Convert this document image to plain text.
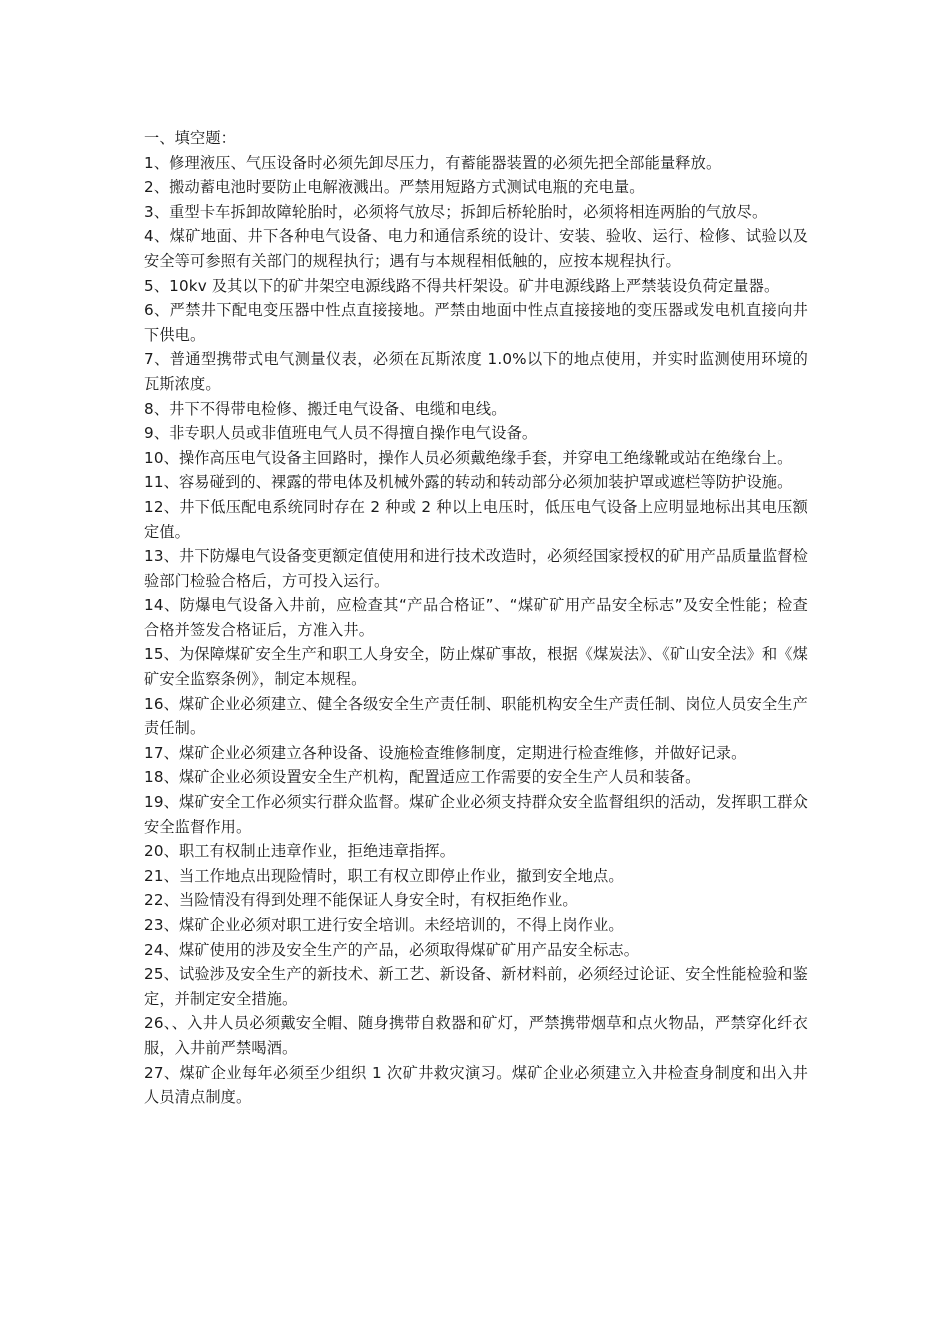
一、填空题：

1、修理液压、气压设备时必须先卸尽压力，有蓄能器装置的必须先把全部能量释放。

2、搬动蓄电池时要防止电解液溅出。严禁用短路方式测试电瓶的充电量。

3、重型卡车拆卸故障轮胎时，必须将气放尽；拆卸后桥轮胎时，必须将相连两胎的气放尽。

4、煤矿地面、井下各种电气设备、电力和通信系统的设计、安装、验收、运行、检修、试验以及安全等可参照有关部门的规程执行；遇有与本规程相低触的，应按本规程执行。

5、10kv 及其以下的矿井架空电源线路不得共杆架设。矿井电源线路上严禁装设负荷定量器。

6、严禁井下配电变压器中性点直接接地。严禁由地面中性点直接接地的变压器或发电机直接向井下供电。

7、普通型携带式电气测量仪表，必须在瓦斯浓度 1.0%以下的地点使用，并实时监测使用环境的瓦斯浓度。

8、井下不得带电检修、搬迁电气设备、电缆和电线。

9、非专职人员或非值班电气人员不得擅自操作电气设备。

10、操作高压电气设备主回路时，操作人员必须戴绝缘手套，并穿电工绝缘靴或站在绝缘台上。

11、容易碰到的、裸露的带电体及机械外露的转动和转动部分必须加装护罩或遮栏等防护设施。

12、井下低压配电系统同时存在 2 种或 2 种以上电压时，低压电气设备上应明显地标出其电压额定值。

13、井下防爆电气设备变更额定值使用和进行技术改造时，必须经国家授权的矿用产品质量监督检验部门检验合格后，方可投入运行。

14、防爆电气设备入井前，应检查其“产品合格证”、“煤矿矿用产品安全标志”及安全性能；检查合格并签发合格证后，方准入井。

15、为保障煤矿安全生产和职工人身安全，防止煤矿事故，根据《煤炭法》、《矿山安全法》和《煤矿安全监察条例》，制定本规程。

16、煤矿企业必须建立、健全各级安全生产责任制、职能机构安全生产责任制、岗位人员安全生产责任制。

17、煤矿企业必须建立各种设备、设施检查维修制度，定期进行检查维修，并做好记录。

18、煤矿企业必须设置安全生产机构，配置适应工作需要的安全生产人员和装备。

19、煤矿安全工作必须实行群众监督。煤矿企业必须支持群众安全监督组织的活动，发挥职工群众安全监督作用。

20、职工有权制止违章作业，拒绝违章指挥。

21、当工作地点出现险情时，职工有权立即停止作业，撤到安全地点。

22、当险情没有得到处理不能保证人身安全时，有权拒绝作业。

23、煤矿企业必须对职工进行安全培训。未经培训的，不得上岗作业。

24、煤矿使用的涉及安全生产的产品，必须取得煤矿矿用产品安全标志。

25、试验涉及安全生产的新技术、新工艺、新设备、新材料前，必须经过论证、安全性能检验和鉴定，并制定安全措施。

26、、入井人员必须戴安全帽、随身携带自救器和矿灯，严禁携带烟草和点火物品，严禁穿化纤衣服，入井前严禁喝酒。

27、煤矿企业每年必须至少组织 1 次矿井救灾演习。煤矿企业必须建立入井检查身制度和出入井人员清点制度。
